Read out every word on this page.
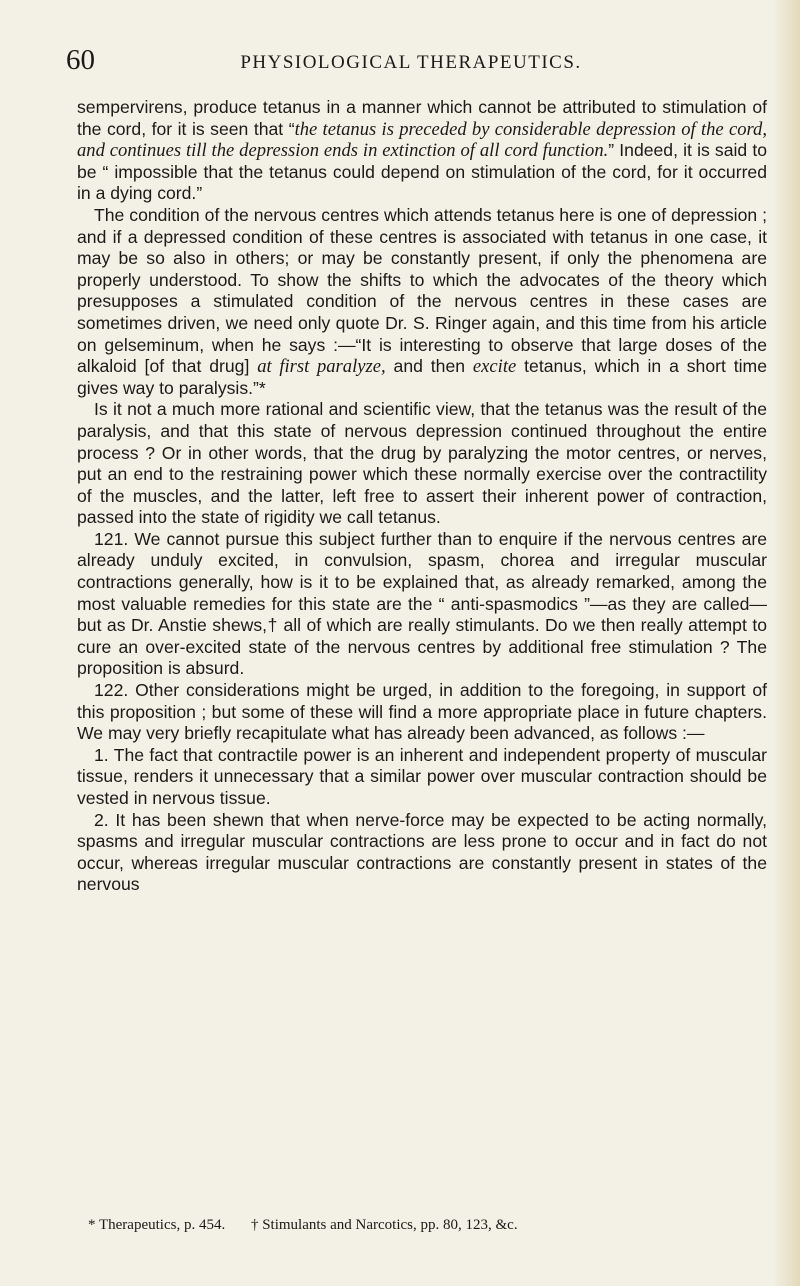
60	PHYSIOLOGICAL THERAPEUTICS.

sempervirens, produce tetanus in a manner which cannot be attributed to stimulation of the cord, for it is seen that “the tetanus is preceded by considerable depression of the cord, and continues till the depression ends in extinction of all cord function.” Indeed, it is said to be “ impossible that the tetanus could depend on stimulation of the cord, for it occurred in a dying cord.”

The condition of the nervous centres which attends tetanus here is one of depression ; and if a depressed condition of these centres is associated with tetanus in one case, it may be so also in others; or may be constantly present, if only the phenomena are properly understood. To show the shifts to which the advocates of the theory which presupposes a stimulated condition of the nervous centres in these cases are sometimes driven, we need only quote Dr. S. Ringer again, and this time from his article on gelseminum, when he says :—“It is interesting to observe that large doses of the alkaloid [of that drug] at first paralyze, and then excite tetanus, which in a short time gives way to paralysis.”*

Is it not a much more rational and scientific view, that the tetanus was the result of the paralysis, and that this state of nervous depression continued throughout the entire process ? Or in other words, that the drug by paralyzing the motor centres, or nerves, put an end to the restraining power which these normally exercise over the contractility of the muscles, and the latter, left free to assert their inherent power of contraction, passed into the state of rigidity we call tetanus.

121. We cannot pursue this subject further than to enquire if the nervous centres are already unduly excited, in convulsion, spasm, chorea and irregular muscular contractions generally, how is it to be explained that, as already remarked, among the most valuable remedies for this state are the “ anti-spasmodics ”—as they are called—but as Dr. Anstie shews,† all of which are really stimulants. Do we then really attempt to cure an over-excited state of the nervous centres by additional free stimulation ? The proposition is absurd.

122. Other considerations might be urged, in addition to the foregoing, in support of this proposition ; but some of these will find a more appropriate place in future chapters. We may very briefly recapitulate what has already been advanced, as follows :—

1. The fact that contractile power is an inherent and independent property of muscular tissue, renders it unnecessary that a similar power over muscular contraction should be vested in nervous tissue.

2. It has been shewn that when nerve-force may be expected to be acting normally, spasms and irregular muscular contractions are less prone to occur and in fact do not occur, whereas irregular muscular contractions are constantly present in states of the nervous

* Therapeutics, p. 454. † Stimulants and Narcotics, pp. 80, 123, &c.
